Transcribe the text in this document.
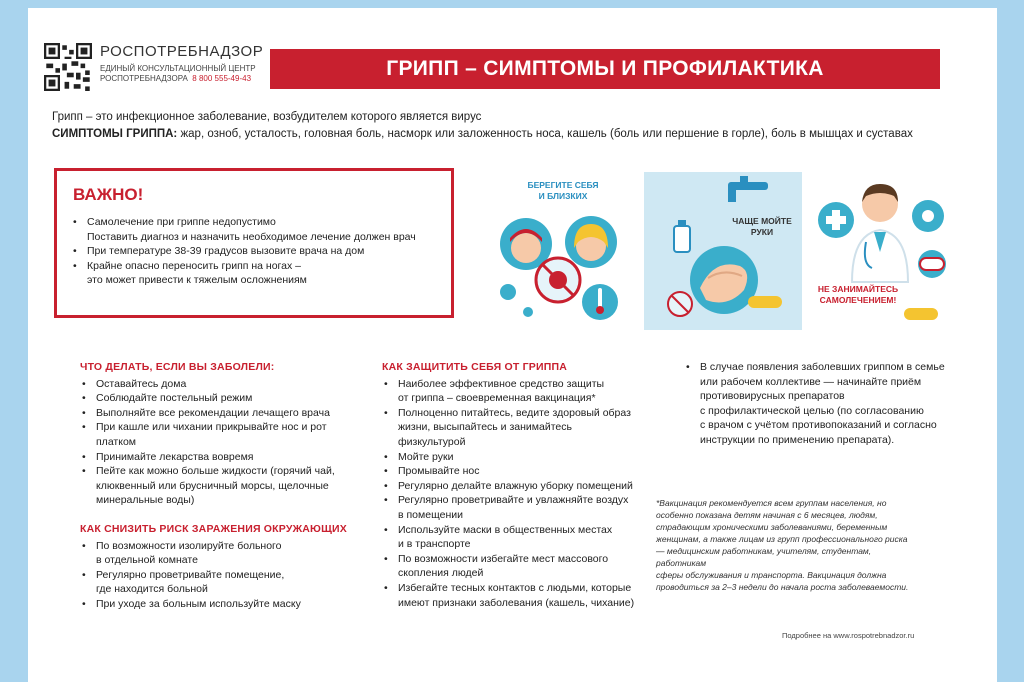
РОСПОТРЕБНАДЗОР
ЕДИНЫЙ КОНСУЛЬТАЦИОННЫЙ ЦЕНТР
РОСПОТРЕБНАДЗОРА 8 800 555-49-43	ГРИПП – СИМПТОМЫ И ПРОФИЛАКТИКА
Грипп – это инфекционное заболевание, возбудителем которого является вирус
СИМПТОМЫ ГРИППА: жар, озноб, усталость, головная боль, насморк или заложенность носа, кашель (боль или першение в горле), боль в мышцах и суставах
ВАЖНО!
• Самолечение при гриппе недопустимо
Поставить диагноз и назначить необходимое лечение должен врач
• При температуре 38-39 градусов вызовите врача на дом
• Крайне опасно переносить грипп на ногах –
это может привести к тяжелым осложнениям
БЕРЕГИТЕ СЕБЯ
И БЛИЗКИХ
ЧАЩЕ МОЙТЕ
РУКИ
НЕ ЗАНИМАЙТЕСЬ
САМОЛЕЧЕНИЕМ!
ЧТО ДЕЛАТЬ, ЕСЛИ ВЫ ЗАБОЛЕЛИ:
• Оставайтесь дома
• Соблюдайте постельный режим
• Выполняйте все рекомендации лечащего врача
• При кашле или чихании прикрывайте нос и рот
платком
• Принимайте лекарства вовремя
• Пейте как можно больше жидкости (горячий чай,
клюквенный или брусничный морсы, щелочные
минеральные воды)
КАК СНИЗИТЬ РИСК ЗАРАЖЕНИЯ ОКРУЖАЮЩИХ
• По возможности изолируйте больного
в отдельной комнате
• Регулярно проветривайте помещение,
где находится больной
• При уходе за больным используйте маску
КАК ЗАЩИТИТЬ СЕБЯ ОТ ГРИППА
• Наиболее эффективное средство защиты
от гриппа – своевременная вакцинация*
• Полноценно питайтесь, ведите здоровый образ
жизни, высыпайтесь и занимайтесь
физкультурой
• Мойте руки
• Промывайте нос
• Регулярно делайте влажную уборку помещений
• Регулярно проветривайте и увлажняйте воздух
в помещении
• Используйте маски в общественных местах
и в транспорте
• По возможности избегайте мест массового
скопления людей
• Избегайте тесных контактов с людьми, которые
имеют признаки заболевания (кашель, чихание)
• В случае появления заболевших гриппом в семье
или рабочем коллективе — начинайте приём
противовирусных препаратов
с профилактической целью (по согласованию
с врачом с учётом противопоказаний и согласно
инструкции по применению препарата).
*Вакцинация рекомендуется всем группам населения, но
особенно показана детям начиная с 6 месяцев, людям,
страдающим хроническими заболеваниями, беременным
женщинам, а также лицам из групп профессионального риска
— медицинским работникам, учителям, студентам, работникам
сферы обслуживания и транспорта. Вакцинация должна
проводиться за 2–3 недели до начала роста заболеваемости.
Подробнее на www.rospotrebnadzor.ru
